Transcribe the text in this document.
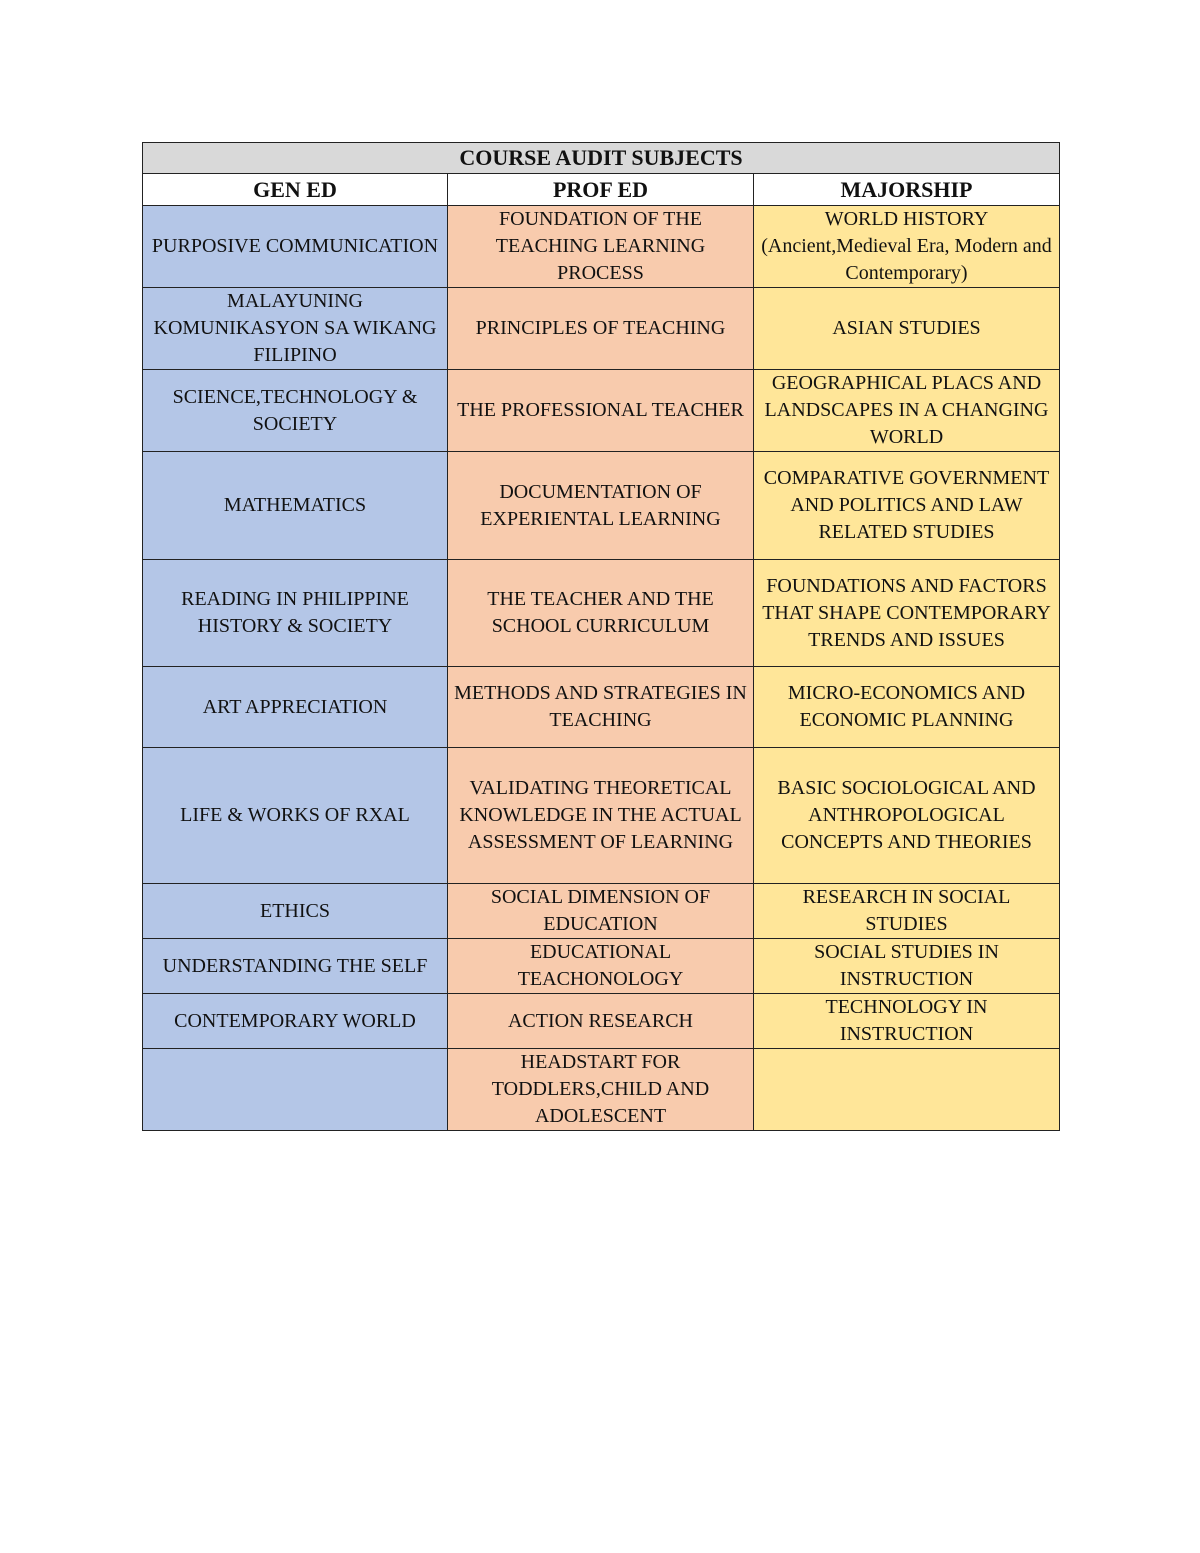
COURSE AUDIT SUBJECTS		
GEN ED	PROF ED	MAJORSHIP
PURPOSIVE COMMUNICATION	FOUNDATION OF THE TEACHING LEARNING PROCESS	WORLD HISTORY (Ancient,Medieval Era, Modern and Contemporary)
MALAYUNING KOMUNIKASYON SA WIKANG FILIPINO	PRINCIPLES OF TEACHING	ASIAN STUDIES
SCIENCE,TECHNOLOGY & SOCIETY	THE PROFESSIONAL TEACHER	GEOGRAPHICAL PLACS AND LANDSCAPES IN A CHANGING WORLD
MATHEMATICS	DOCUMENTATION OF EXPERIENTAL LEARNING	COMPARATIVE GOVERNMENT AND POLITICS AND LAW RELATED STUDIES
READING IN PHILIPPINE HISTORY & SOCIETY	THE TEACHER AND THE SCHOOL CURRICULUM	FOUNDATIONS AND FACTORS THAT SHAPE CONTEMPORARY TRENDS AND ISSUES
ART APPRECIATION	METHODS AND STRATEGIES IN TEACHING	MICRO-ECONOMICS AND ECONOMIC PLANNING
LIFE & WORKS OF RXAL	VALIDATING THEORETICAL KNOWLEDGE IN THE ACTUAL ASSESSMENT OF LEARNING	BASIC SOCIOLOGICAL AND ANTHROPOLOGICAL CONCEPTS AND THEORIES
ETHICS	SOCIAL DIMENSION OF EDUCATION	RESEARCH IN SOCIAL STUDIES
UNDERSTANDING THE SELF	EDUCATIONAL TEACHONOLOGY	SOCIAL STUDIES IN INSTRUCTION
CONTEMPORARY WORLD	ACTION RESEARCH	TECHNOLOGY IN INSTRUCTION
	HEADSTART FOR TODDLERS,CHILD AND ADOLESCENT	
